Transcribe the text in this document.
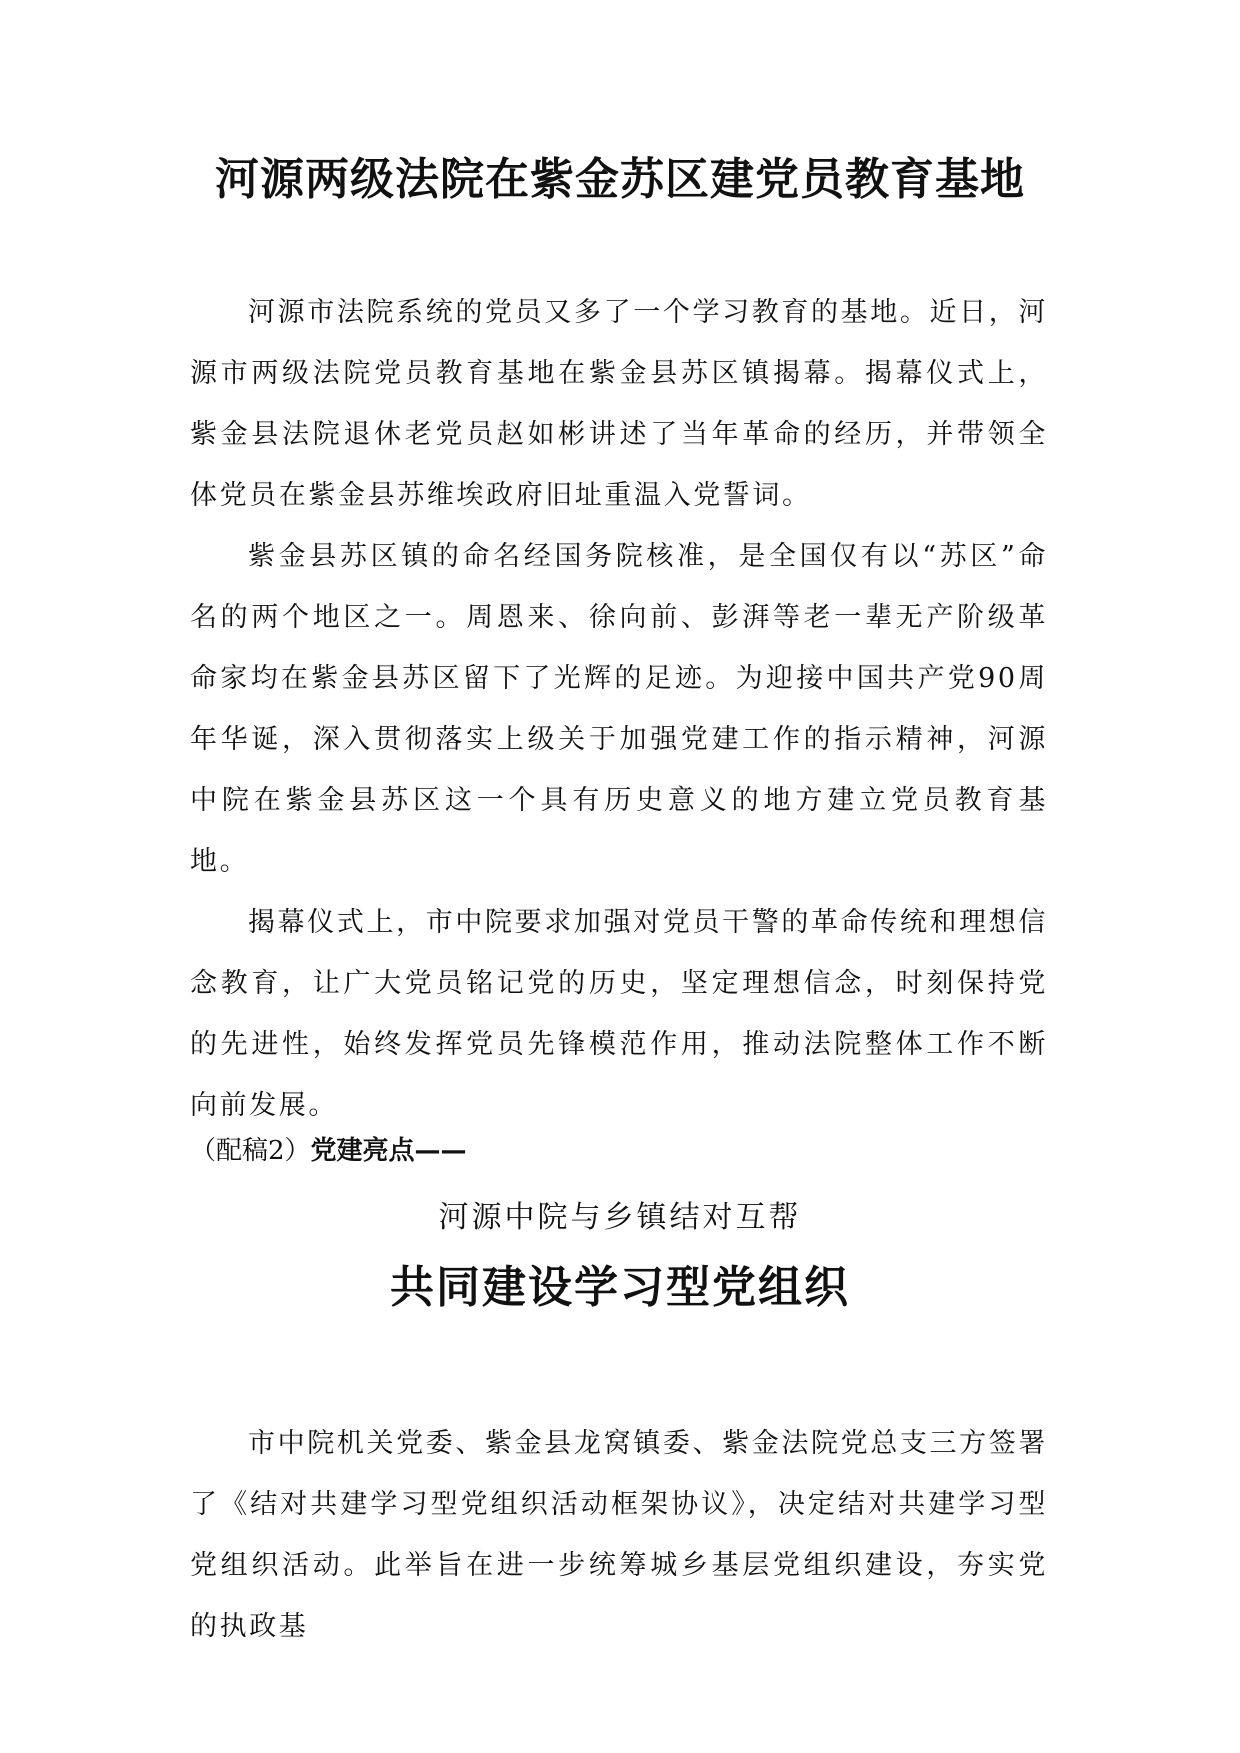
河源两级法院在紫金苏区建党员教育基地

河源市法院系统的党员又多了一个学习教育的基地。近日，河源市两级法院党员教育基地在紫金县苏区镇揭幕。揭幕仪式上，紫金县法院退休老党员赵如彬讲述了当年革命的经历，并带领全体党员在紫金县苏维埃政府旧址重温入党誓词。

紫金县苏区镇的命名经国务院核准，是全国仅有以“苏区”命名的两个地区之一。周恩来、徐向前、彭湃等老一辈无产阶级革命家均在紫金县苏区留下了光辉的足迹。为迎接中国共产党90周年华诞，深入贯彻落实上级关于加强党建工作的指示精神，河源中院在紫金县苏区这一个具有历史意义的地方建立党员教育基地。

揭幕仪式上，市中院要求加强对党员干警的革命传统和理想信念教育，让广大党员铭记党的历史，坚定理想信念，时刻保持党的先进性，始终发挥党员先锋模范作用，推动法院整体工作不断向前发展。

（配稿2）党建亮点——

河源中院与乡镇结对互帮

共同建设学习型党组织

市中院机关党委、紫金县龙窝镇委、紫金法院党总支三方签署了《结对共建学习型党组织活动框架协议》，决定结对共建学习型党组织活动。此举旨在进一步统筹城乡基层党组织建设，夯实党的执政基
